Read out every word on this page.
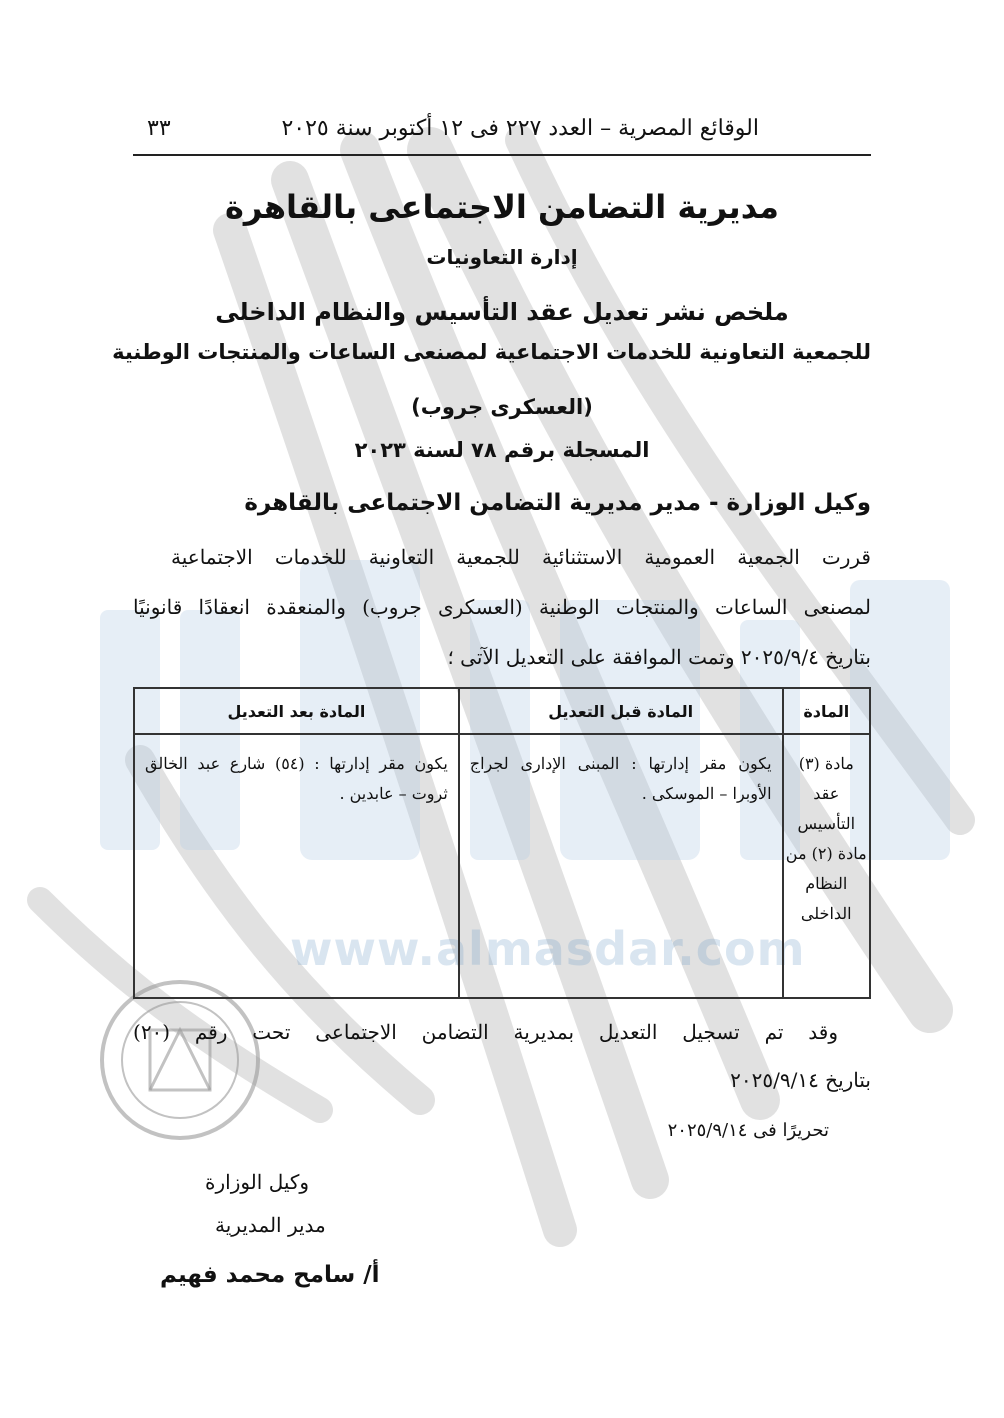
www.almasdar.com
الوقائع المصرية – العدد ٢٢٧ فى ١٢ أكتوبر سنة ٢٠٢٥
٣٣
مديرية التضامن الاجتماعى بالقاهرة
إدارة التعاونيات
ملخص نشر تعديل عقد التأسيس والنظام الداخلى
للجمعية التعاونية للخدمات الاجتماعية لمصنعى الساعات والمنتجات الوطنية
(العسكرى جروب)
المسجلة برقم ٧٨ لسنة ٢٠٢٣
وكيل الوزارة - مدير مديرية التضامن الاجتماعى بالقاهرة
قررت الجمعية العمومية الاستثنائية للجمعية التعاونية للخدمات الاجتماعية
لمصنعى الساعات والمنتجات الوطنية (العسكرى جروب) والمنعقدة انعقادًا قانونيًا
بتاريخ ٢٠٢٥/٩/٤ وتمت الموافقة على التعديل الآتى ؛
المادة	المادة قبل التعديل	المادة بعد التعديل
مادة (٣) عقد التأسيس مادة (٢) من النظام الداخلى	يكون مقر إدارتها : المبنى الإدارى لجراج الأوبرا – الموسكى .	يكون مقر إدارتها : (٥٤) شارع عبد الخالق ثروت – عابدين .
وقد تم تسجيل التعديل بمديرية التضامن الاجتماعى تحت رقم (٢٠)
بتاريخ ٢٠٢٥/٩/١٤
تحريرًا فى ٢٠٢٥/٩/١٤
وكيل الوزارة
مدير المديرية
أ/ سامح محمد فهيم
